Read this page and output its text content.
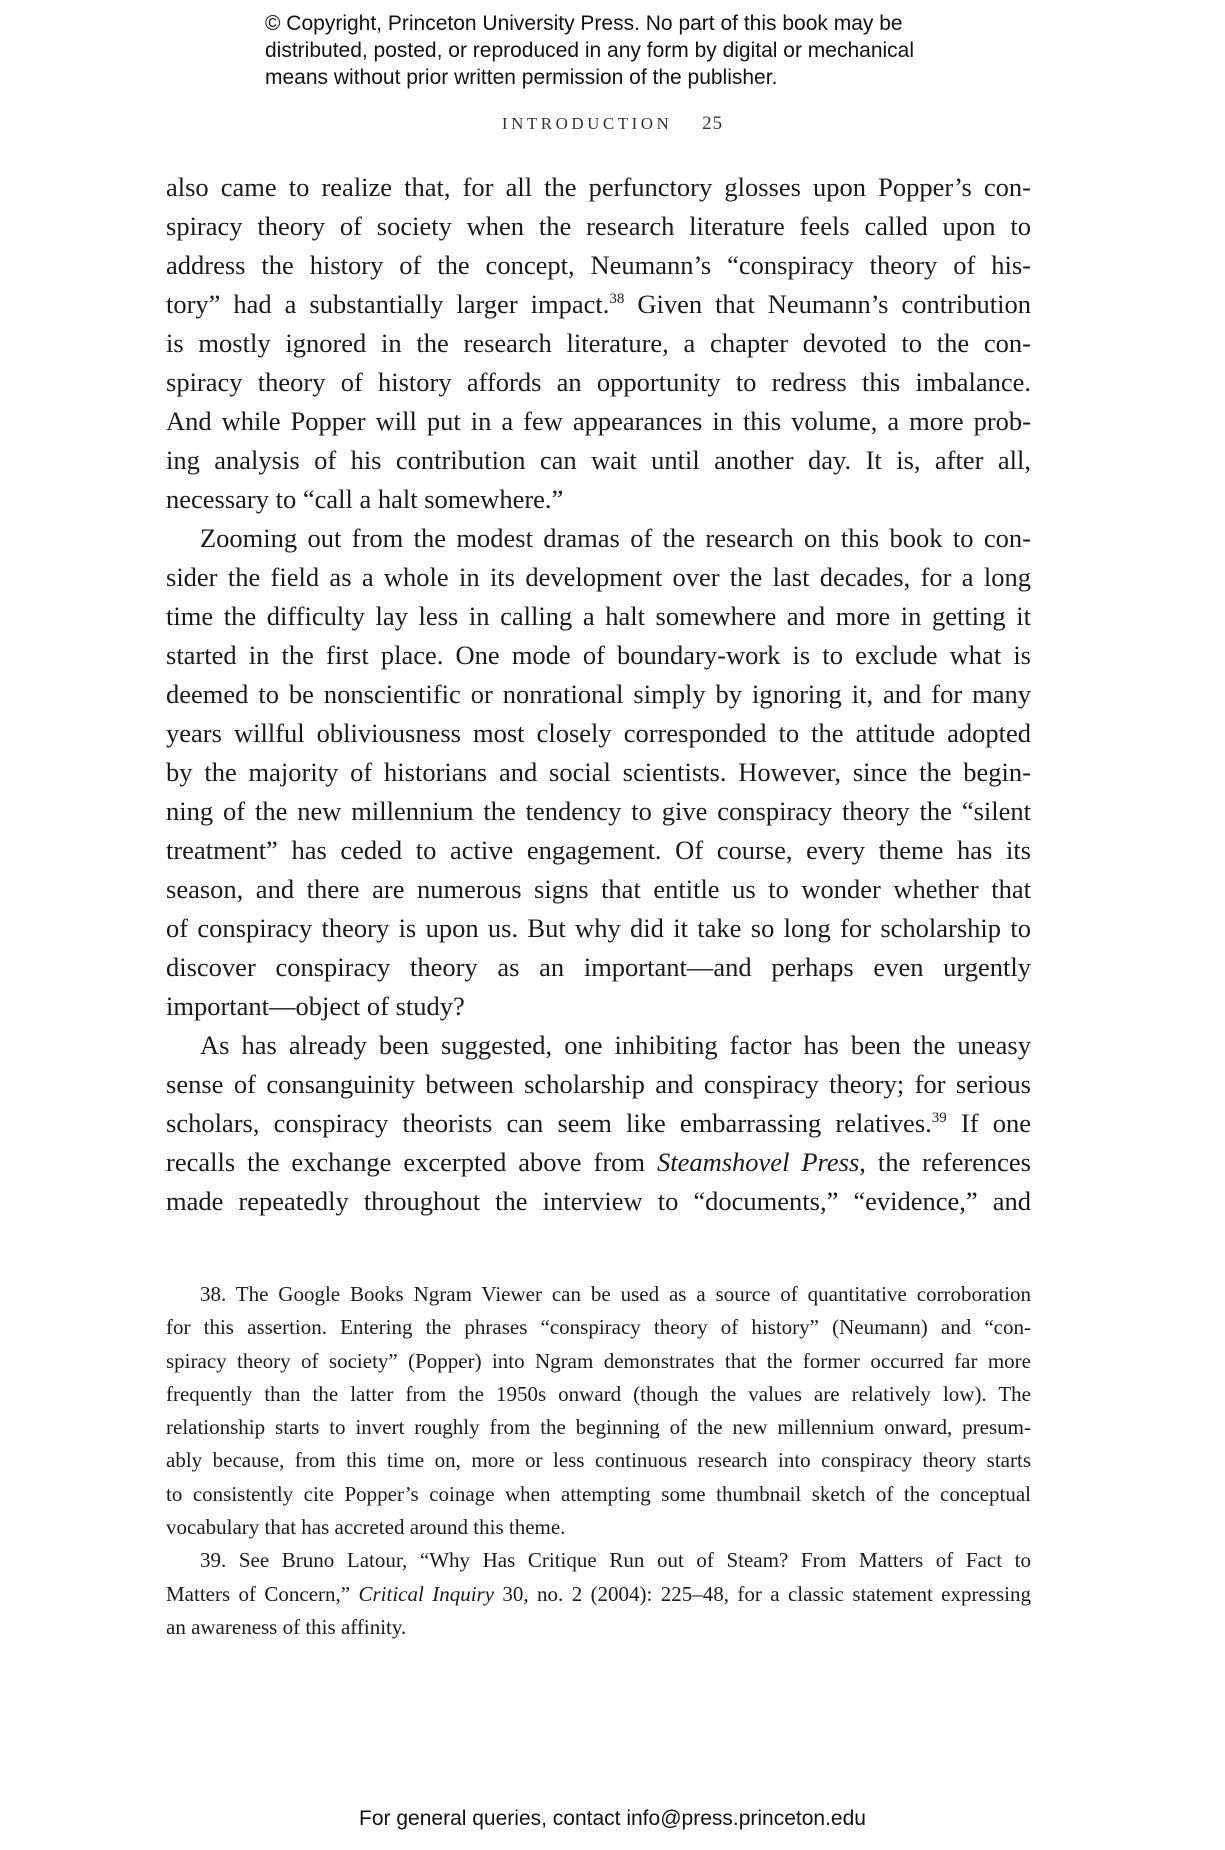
© Copyright, Princeton University Press. No part of this book may be
distributed, posted, or reproduced in any form by digital or mechanical
means without prior written permission of the publisher.
INTRODUCTION 25
also came to realize that, for all the perfunctory glosses upon Popper’s con-
spiracy theory of society when the research literature feels called upon to
address the history of the concept, Neumann’s “conspiracy theory of his-
tory” had a substantially larger impact.$^{38}$ Given that Neumann’s contribution
is mostly ignored in the research literature, a chapter devoted to the con-
spiracy theory of history affords an opportunity to redress this imbalance.
And while Popper will put in a few appearances in this volume, a more prob-
ing analysis of his contribution can wait until another day. It is, after all,
necessary to “call a halt somewhere.”
Zooming out from the modest dramas of the research on this book to con-
sider the field as a whole in its development over the last decades, for a long
time the difficulty lay less in calling a halt somewhere and more in getting it
started in the first place. One mode of boundary-work is to exclude what is
deemed to be nonscientific or nonrational simply by ignoring it, and for many
years willful obliviousness most closely corresponded to the attitude adopted
by the majority of historians and social scientists. However, since the begin-
ning of the new millennium the tendency to give conspiracy theory the “silent
treatment” has ceded to active engagement. Of course, every theme has its
season, and there are numerous signs that entitle us to wonder whether that
of conspiracy theory is upon us. But why did it take so long for scholarship to
discover conspiracy theory as an important—and perhaps even urgently
important—object of study?
As has already been suggested, one inhibiting factor has been the uneasy
sense of consanguinity between scholarship and conspiracy theory; for serious
scholars, conspiracy theorists can seem like embarrassing relatives.$^{39}$ If one
recalls the exchange excerpted above from Steamshovel Press, the references
made repeatedly throughout the interview to “documents,” “evidence,” and
38. The Google Books Ngram Viewer can be used as a source of quantitative corroboration
for this assertion. Entering the phrases “conspiracy theory of history” (Neumann) and “con-
spiracy theory of society” (Popper) into Ngram demonstrates that the former occurred far more
frequently than the latter from the 1950s onward (though the values are relatively low). The
relationship starts to invert roughly from the beginning of the new millennium onward, presum-
ably because, from this time on, more or less continuous research into conspiracy theory starts
to consistently cite Popper’s coinage when attempting some thumbnail sketch of the conceptual
vocabulary that has accreted around this theme.
39. See Bruno Latour, “Why Has Critique Run out of Steam? From Matters of Fact to
Matters of Concern,” Critical Inquiry 30, no. 2 (2004): 225–48, for a classic statement expressing
an awareness of this affinity.
For general queries, contact info@press.princeton.edu
